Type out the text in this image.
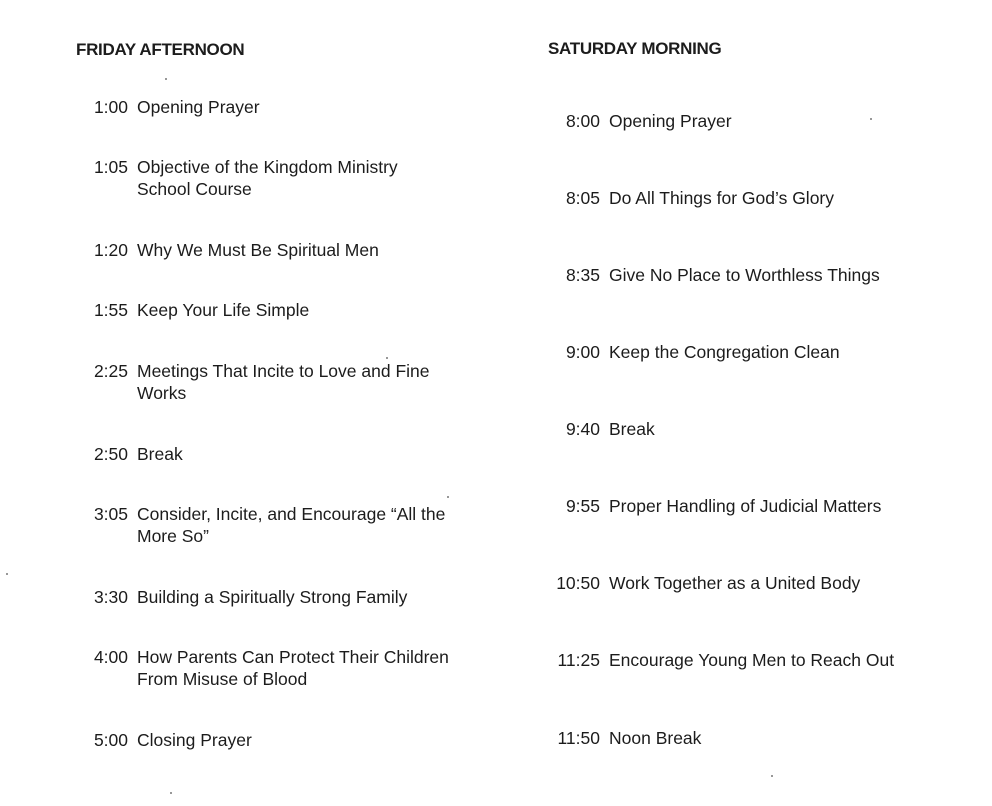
FRIDAY AFTERNOON
1:00 Opening Prayer
1:05 Objective of the Kingdom Ministry School Course
1:20 Why We Must Be Spiritual Men
1:55 Keep Your Life Simple
2:25 Meetings That Incite to Love and Fine Works
2:50 Break
3:05 Consider, Incite, and Encourage “All the More So”
3:30 Building a Spiritually Strong Family
4:00 How Parents Can Protect Their Children From Misuse of Blood
5:00 Closing Prayer
SATURDAY MORNING
8:00 Opening Prayer
8:05 Do All Things for God’s Glory
8:35 Give No Place to Worthless Things
9:00 Keep the Congregation Clean
9:40 Break
9:55 Proper Handling of Judicial Matters
10:50 Work Together as a United Body
11:25 Encourage Young Men to Reach Out
11:50 Noon Break
